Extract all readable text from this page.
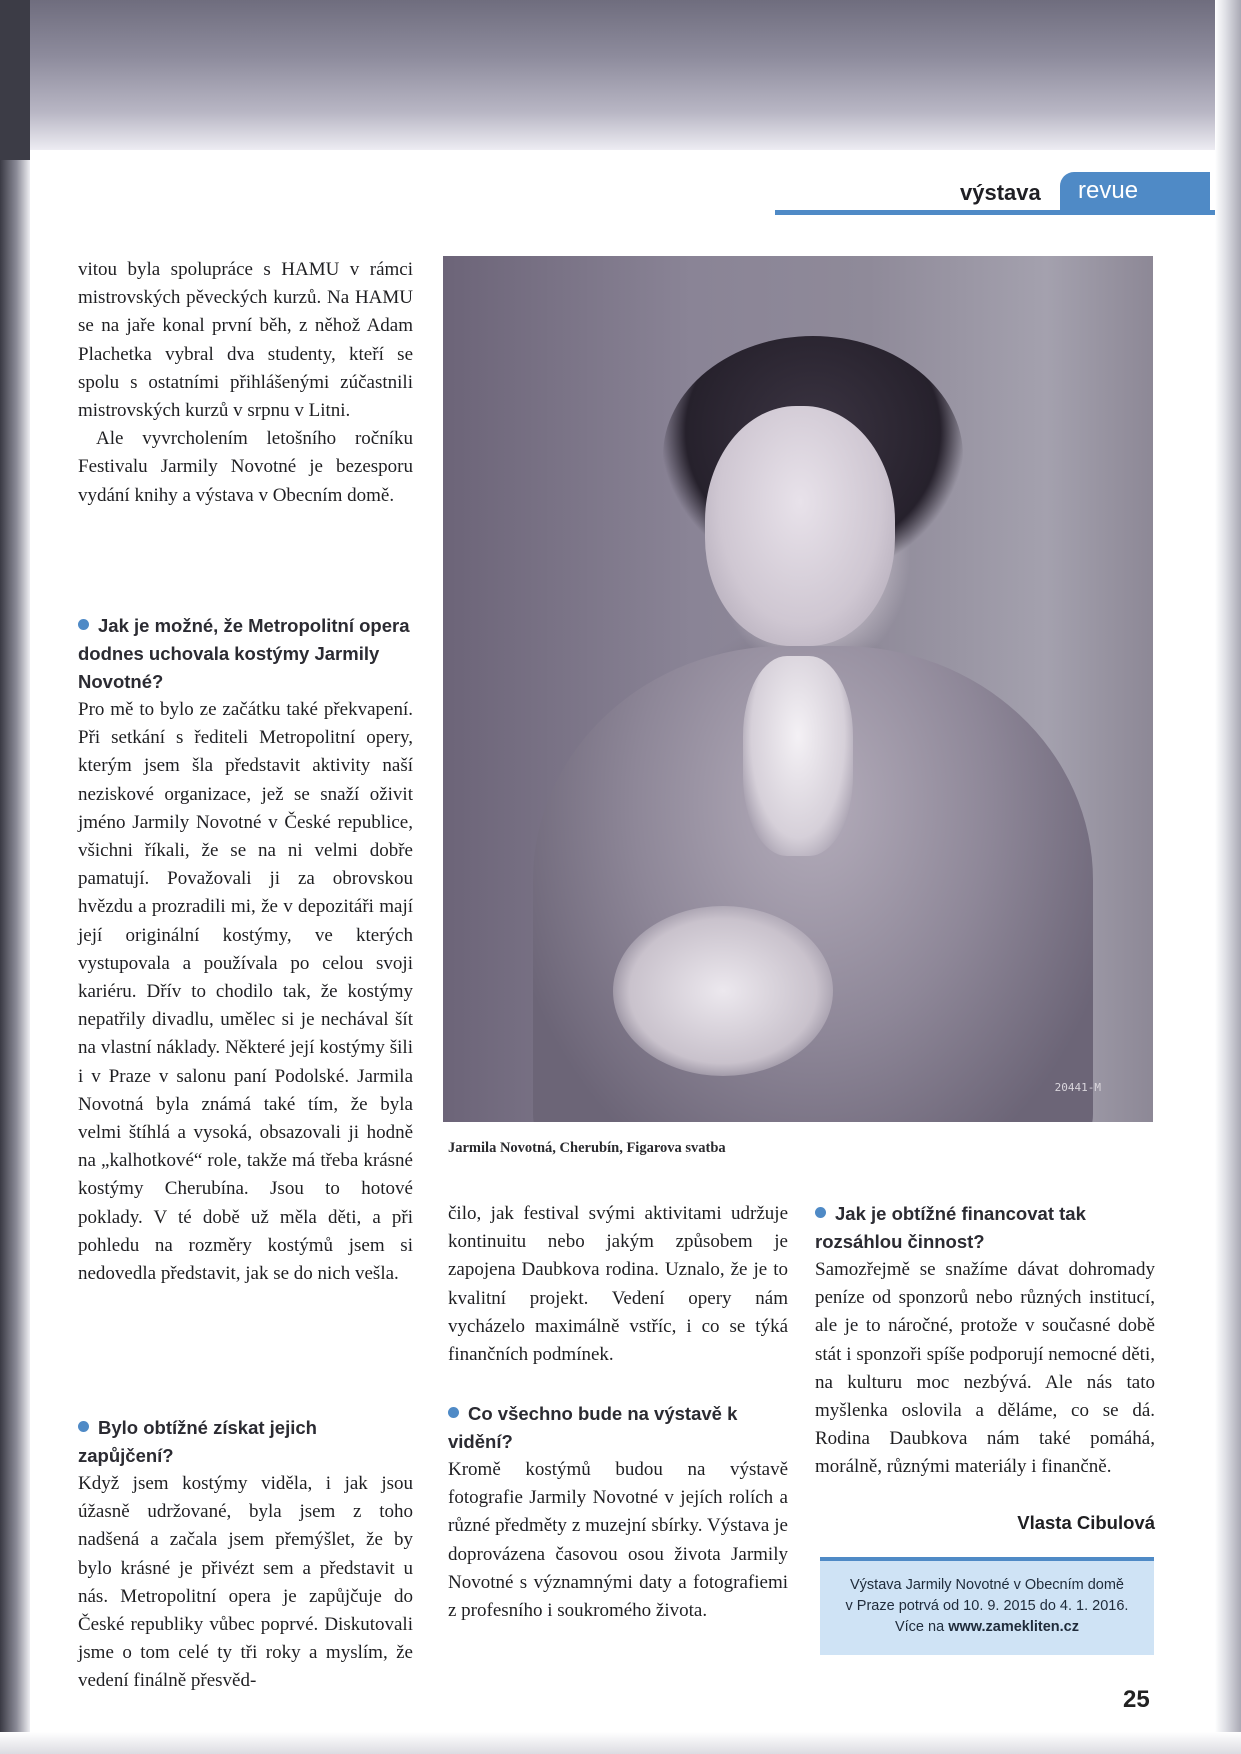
výstava	revue

vitou byla spolupráce s HAMU v rámci mistrovských pěveckých kurzů. Na HAMU se na jaře konal první běh, z něhož Adam Plachetka vybral dva studenty, kteří se spolu s ostatními přihlášenými zúčastnili mistrovských kurzů v srpnu v Litni.

Ale vyvrcholením letošního ročníku Festivalu Jarmily Novotné je bezesporu vydání knihy a výstava v Obecním domě.

Jak je možné, že Metropolitní opera dodnes uchovala kostýmy Jarmily Novotné?

Pro mě to bylo ze začátku také překvapení. Při setkání s řediteli Metropolitní opery, kterým jsem šla představit aktivity naší neziskové organizace, jež se snaží oživit jméno Jarmily Novotné v České republice, všichni říkali, že se na ni velmi dobře pamatují. Považovali ji za obrovskou hvězdu a prozradili mi, že v depozitáři mají její originální kostýmy, ve kterých vystupovala a používala po celou svoji kariéru. Dřív to chodilo tak, že kostýmy nepatřily divadlu, umělec si je nechával šít na vlastní náklady. Některé její kostýmy šili i v Praze v salonu paní Podolské. Jarmila Novotná byla známá také tím, že byla velmi štíhlá a vysoká, obsazovali ji hodně na „kalhotkové“ role, takže má třeba krásné kostýmy Cherubína. Jsou to hotové poklady. V té době už měla děti, a při pohledu na rozměry kostýmů jsem si nedovedla představit, jak se do nich vešla.

Bylo obtížné získat jejich zapůjčení?

Když jsem kostýmy viděla, i jak jsou úžasně udržované, byla jsem z toho nadšená a začala jsem přemýšlet, že by bylo krásné je přivézt sem a představit u nás. Metropolitní opera je zapůjčuje do České republiky vůbec poprvé. Diskutovali jsme o tom celé ty tři roky a myslím, že vedení finálně přesvěd-

20441-M
Jarmila Novotná, Cherubín, Figarova svatba

čilo, jak festival svými aktivitami udržuje kontinuitu nebo jakým způsobem je zapojena Daubkova rodina. Uznalo, že je to kvalitní projekt. Vedení opery nám vycházelo maximálně vstříc, i co se týká finančních podmínek.

Co všechno bude na výstavě k vidění?

Kromě kostýmů budou na výstavě fotografie Jarmily Novotné v jejích rolích a různé předměty z muzejní sbírky. Výstava je doprovázena časovou osou života Jarmily Novotné s významnými daty a fotografiemi z profesního i soukromého života.

Jak je obtížné financovat tak rozsáhlou činnost?

Samozřejmě se snažíme dávat dohromady peníze od sponzorů nebo různých institucí, ale je to náročné, protože v současné době stát i sponzoři spíše podporují nemocné děti, na kulturu moc nezbývá. Ale nás tato myšlenka oslovila a děláme, co se dá. Rodina Daubkova nám také pomáhá, morálně, různými materiály i finančně.

Vlasta Cibulová
Výstava Jarmily Novotné v Obecním domě
v Praze potrvá od 10. 9. 2015 do 4. 1. 2016.
Více na www.zamekliten.cz
25
